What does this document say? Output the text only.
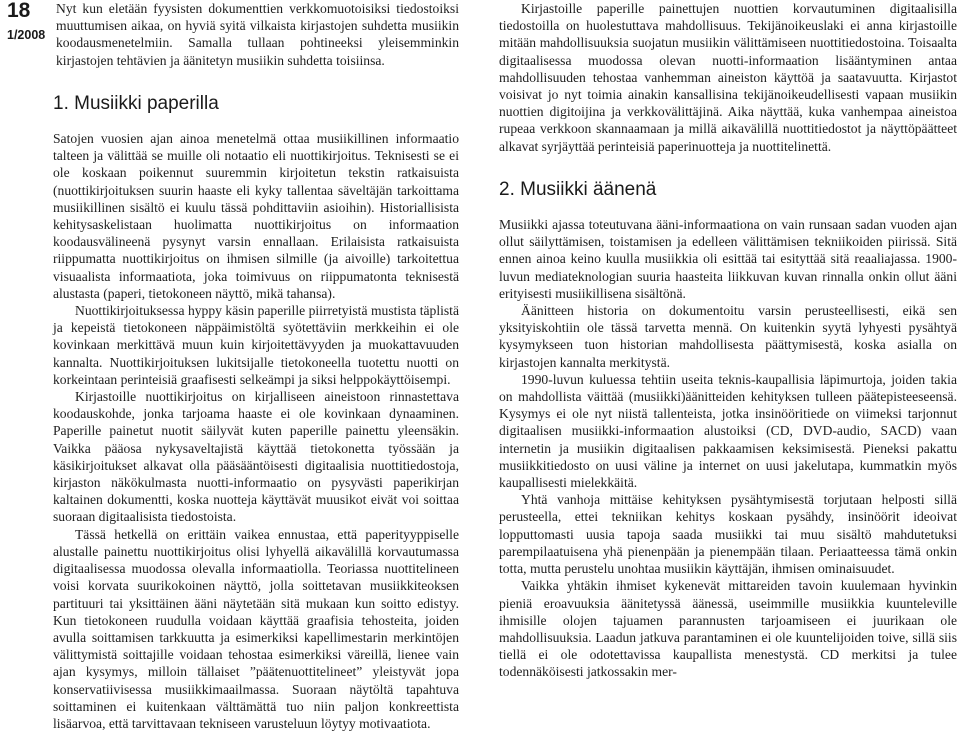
18
1/2008

Nyt kun eletään fyysisten dokumenttien verkkomuotoisiksi tiedostoiksi muuttumisen aikaa, on hyviä syitä vilkaista kirjastojen suhdetta musiikin koodausmenetelmiin. Samalla tullaan pohtineeksi yleisemminkin kirjastojen tehtävien ja äänitetyn musiikin suhdetta toisiinsa.

1. Musiikki paperilla

Satojen vuosien ajan ainoa menetelmä ottaa musiikillinen informaatio talteen ja välittää se muille oli notaatio eli nuottikirjoitus. Teknisesti se ei ole koskaan poikennut suuremmin kirjoitetun tekstin ratkaisuista (nuottikirjoituksen suurin haaste eli kyky tallentaa säveltäjän tarkoittama musiikillinen sisältö ei kuulu tässä pohdittaviin asioihin). Historiallisista kehitysaskelistaan huolimatta nuottikirjoitus on informaation koodausvälineenä pysynyt varsin ennallaan. Erilaisista ratkaisuista riippumatta nuottikirjoitus on ihmisen silmille (ja aivoille) tarkoitettua visuaalista informaatiota, joka toimivuus on riippumatonta teknisestä alustasta (paperi, tietokoneen näyttö, mikä tahansa).

Nuottikirjoituksessa hyppy käsin paperille piirretyistä mustista täplistä ja kepeistä tietokoneen näppäimistöltä syötettäviin merkkeihin ei ole kovinkaan merkittävä muun kuin kirjoitettävyyden ja muokattavuuden kannalta. Nuottikirjoituksen lukitsijalle tietokoneella tuotettu nuotti on korkeintaan perinteisiä graafisesti selkeämpi ja siksi helppokäyttöisempi.

Kirjastoille nuottikirjoitus on kirjalliseen aineistoon rinnastettava koodauskohde, jonka tarjoama haaste ei ole kovinkaan dynaaminen. Paperille painetut nuotit säilyvät kuten paperille painettu yleensäkin. Vaikka pääosa nykysaveltajistä käyttää tietokonetta työssään ja käsikirjoitukset alkavat olla pääsääntöisesti digitaalisia nuottitiedostoja, kirjaston näkökulmasta nuotti-informaatio on pysyvästi paperikirjan kaltainen dokumentti, koska nuotteja käyttävät muusikot eivät voi soittaa suoraan digitaalisista tiedostoista.

Tässä hetkellä on erittäin vaikea ennustaa, että paperityyppiselle alustalle painettu nuottikirjoitus olisi lyhyellä aikavälillä korvautumassa digitaalisessa muodossa olevalla informaatiolla. Teoriassa nuottitelineen voisi korvata suurikokoinen näyttö, jolla soittetavan musiikkiteoksen partituuri tai yksittäinen ääni näytetään sitä mukaan kun soitto edistyy. Kun tietokoneen ruudulla voidaan käyttää graafisia tehosteita, joiden avulla soittamisen tarkkuutta ja esimerkiksi kapellimestarin merkintöjen välittymistä soittajille voidaan tehostaa esimerkiksi väreillä, lienee vain ajan kysymys, milloin tällaiset ”päätenuottitelineet” yleistyvät jopa konservatiivisessa musiikkimaailmassa. Suoraan näytöltä tapahtuva soittaminen ei kuitenkaan välttämättä tuo niin paljon konkreettista lisäarvoa, että tarvittavaan tekniseen varusteluun löytyy motivaatiota.

Kirjastoille paperille painettujen nuottien korvautuminen digitaalisilla tiedostoilla on huolestuttava mahdollisuus. Tekijänoikeuslaki ei anna kirjastoille mitään mahdollisuuksia suojatun musiikin välittämiseen nuottitiedostoina. Toisaalta digitaalisessa muodossa olevan nuotti-informaation lisääntyminen antaa mahdollisuuden tehostaa vanhemman aineiston käyttöä ja saatavuutta. Kirjastot voisivat jo nyt toimia ainakin kansallisina tekijänoikeudellisesti vapaan musiikin nuottien digitoijina ja verkkovälittäjinä. Aika näyttää, kuka vanhempaa aineistoa rupeaa verkkoon skannaamaan ja millä aikavälillä nuottitiedostot ja näyttöpäätteet alkavat syrjäyttää perinteisiä paperinuotteja ja nuottitelinettä.

2. Musiikki äänenä

Musiikki ajassa toteutuvana ääni-informaationa on vain runsaan sadan vuoden ajan ollut säilyttämisen, toistamisen ja edelleen välittämisen tekniikoiden piirissä. Sitä ennen ainoa keino kuulla musiikkia oli esittää tai esityttää sitä reaaliajassa. 1900-luvun mediateknologian suuria haasteita liikkuvan kuvan rinnalla onkin ollut ääni erityisesti musiikillisena sisältönä.

Äänitteen historia on dokumentoitu varsin perusteellisesti, eikä sen yksityiskohtiin ole tässä tarvetta mennä. On kuitenkin syytä lyhyesti pysähtyä kysymykseen tuon historian mahdollisesta päättymisestä, koska asialla on kirjastojen kannalta merkitystä.

1990-luvun kuluessa tehtiin useita teknis-kaupallisia läpimurtoja, joiden takia on mahdollista väittää (musiikki)äänitteiden kehityksen tulleen päätepisteeseensä. Kysymys ei ole nyt niistä tallenteista, jotka insinööritiede on viimeksi tarjonnut digitaalisen musiikki-informaation alustoiksi (CD, DVD-audio, SACD) vaan internetin ja musiikin digitaalisen pakkaamisen keksimisestä. Pieneksi pakattu musiikkitiedosto on uusi väline ja internet on uusi jakelutapa, kummatkin myös kaupallisesti mielekkäitä.

Yhtä vanhoja mittäise kehityksen pysähtymisestä torjutaan helposti sillä perusteella, ettei tekniikan kehitys koskaan pysähdy, insinöörit ideoivat lopputtomasti uusia tapoja saada musiikki tai muu sisältö mahdutetuksi parempilaatuisena yhä pienenpään ja pienempään tilaan. Periaatteessa tämä onkin totta, mutta perustelu unohtaa musiikin käyttäjän, ihmisen ominaisuudet.

Vaikka yhtäkin ihmiset kykenevät mittareiden tavoin kuulemaan hyvinkin pieniä eroavuuksia äänitetyssä äänessä, useimmille musiikkia kuunteleville ihmisille olojen tajuamen parannusten tarjoamiseen ei juurikaan ole mahdollisuuksia. Laadun jatkuva parantaminen ei ole kuuntelijoiden toive, sillä siis tiellä ei ole odotettavissa kaupallista menestystä. CD merkitsi ja tulee todennäköisesti jatkossakin mer-
